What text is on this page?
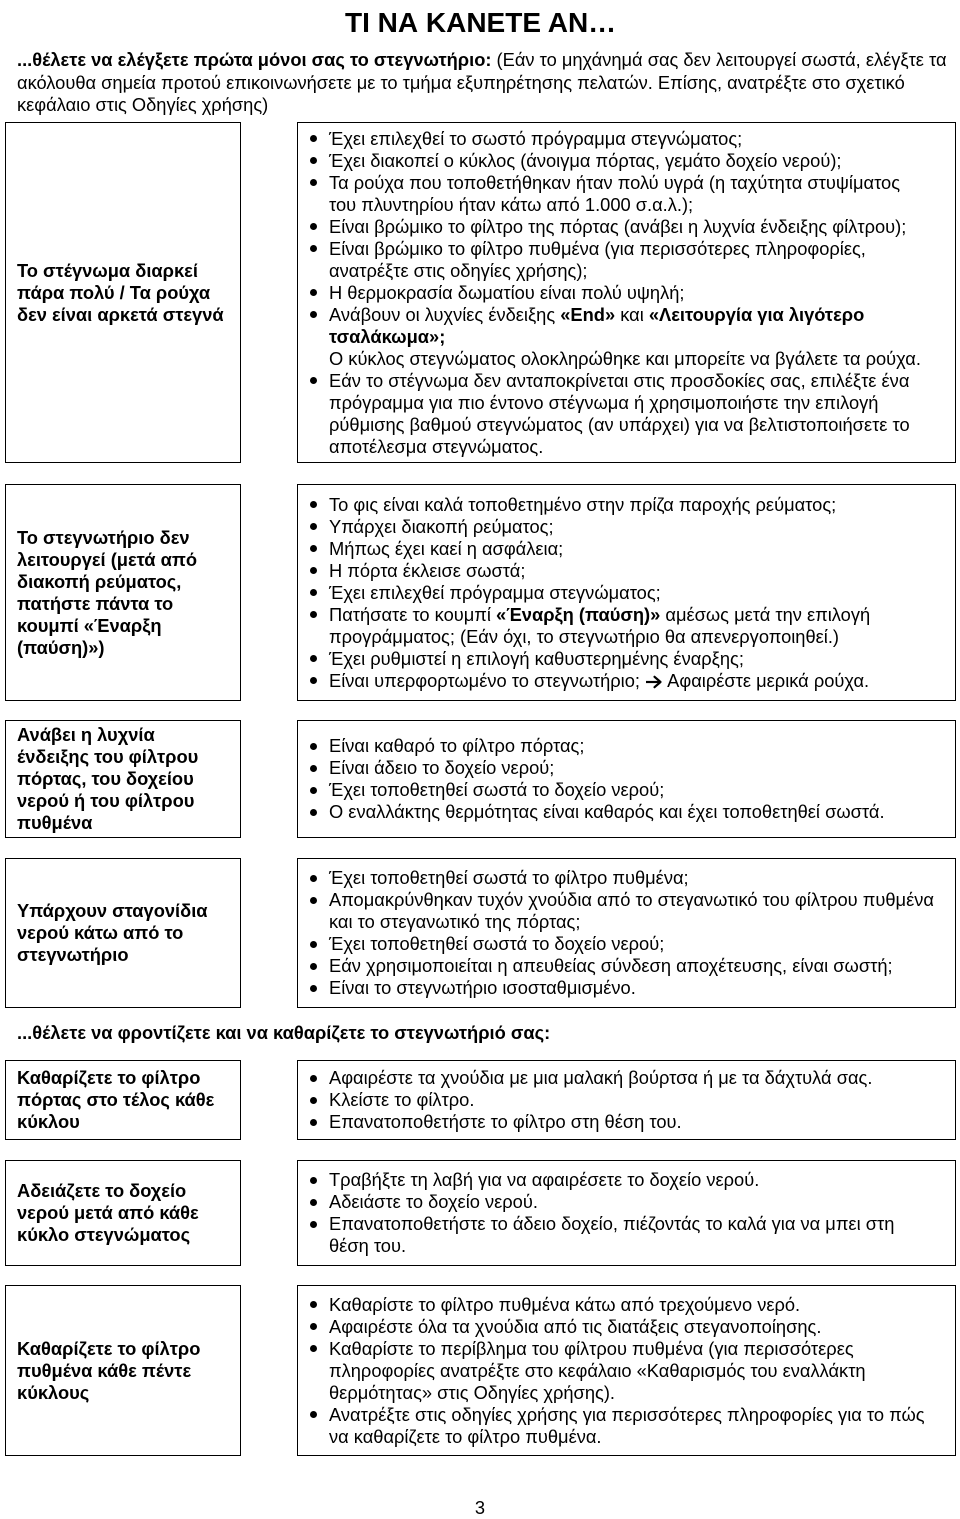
ΤΙ ΝΑ ΚΑΝΕΤΕ ΑΝ…
...θέλετε να ελέγξετε πρώτα μόνοι σας το στεγνωτήριο: (Εάν το μηχάνημά σας δεν λειτουργεί σωστά, ελέγξτε τα
ακόλουθα σημεία προτού επικοινωνήσετε με το τμήμα εξυπηρέτησης πελατών. Επίσης, ανατρέξτε στο σχετικό
κεφάλαιο στις Οδηγίες χρήσης)
Το στέγνωμα διαρκεί
πάρα πολύ / Τα ρούχα
δεν είναι αρκετά στεγνά
Έχει επιλεχθεί το σωστό πρόγραμμα στεγνώματος;
Έχει διακοπεί ο κύκλος (άνοιγμα πόρτας, γεμάτο δοχείο νερού);
Τα ρούχα που τοποθετήθηκαν ήταν πολύ υγρά (η ταχύτητα στυψίματος
του πλυντηρίου ήταν κάτω από 1.000 σ.α.λ.);
Είναι βρώμικο το φίλτρο της πόρτας (ανάβει η λυχνία ένδειξης φίλτρου);
Είναι βρώμικο το φίλτρο πυθμένα (για περισσότερες πληροφορίες,
ανατρέξτε στις οδηγίες χρήσης);
Η θερμοκρασία δωματίου είναι πολύ υψηλή;
Ανάβουν οι λυχνίες ένδειξης «End» και «Λειτουργία για λιγότερο
τσαλάκωμα»;
Ο κύκλος στεγνώματος ολοκληρώθηκε και μπορείτε να βγάλετε τα ρούχα.
Εάν το στέγνωμα δεν ανταποκρίνεται στις προσδοκίες σας, επιλέξτε ένα
πρόγραμμα για πιο έντονο στέγνωμα ή χρησιμοποιήστε την επιλογή
ρύθμισης βαθμού στεγνώματος (αν υπάρχει) για να βελτιστοποιήσετε το
αποτέλεσμα στεγνώματος.
Το στεγνωτήριο δεν
λειτουργεί (μετά από
διακοπή ρεύματος,
πατήστε πάντα το
κουμπί «Έναρξη
(παύση)»)
Το φις είναι καλά τοποθετημένο στην πρίζα παροχής ρεύματος;
Υπάρχει διακοπή ρεύματος;
Μήπως έχει καεί η ασφάλεια;
Η πόρτα έκλεισε σωστά;
Έχει επιλεχθεί πρόγραμμα στεγνώματος;
Πατήσατε το κουμπί «Έναρξη (παύση)» αμέσως μετά την επιλογή
προγράμματος; (Εάν όχι, το στεγνωτήριο θα απενεργοποιηθεί.)
Έχει ρυθμιστεί η επιλογή καθυστερημένης έναρξης;
Είναι υπερφορτωμένο το στεγνωτήριο;  Αφαιρέστε μερικά ρούχα.
Ανάβει η λυχνία
ένδειξης του φίλτρου
πόρτας, του δοχείου
νερού ή του φίλτρου
πυθμένα
Είναι καθαρό το φίλτρο πόρτας;
Είναι άδειο το δοχείο νερού;
Έχει τοποθετηθεί σωστά το δοχείο νερού;
Ο εναλλάκτης θερμότητας είναι καθαρός και έχει τοποθετηθεί σωστά.
Υπάρχουν σταγονίδια
νερού κάτω από το
στεγνωτήριο
Έχει τοποθετηθεί σωστά το φίλτρο πυθμένα;
Απομακρύνθηκαν τυχόν χνούδια από το στεγανωτικό του φίλτρου πυθμένα
και το στεγανωτικό της πόρτας;
Έχει τοποθετηθεί σωστά το δοχείο νερού;
Εάν χρησιμοποιείται η απευθείας σύνδεση αποχέτευσης, είναι σωστή;
Είναι το στεγνωτήριο ισοσταθμισμένο.
...θέλετε να φροντίζετε και να καθαρίζετε το στεγνωτήριό σας:
Καθαρίζετε το φίλτρο
πόρτας στο τέλος κάθε
κύκλου
Αφαιρέστε τα χνούδια με μια μαλακή βούρτσα ή με τα δάχτυλά σας.
Κλείστε το φίλτρο.
Επανατοποθετήστε το φίλτρο στη θέση του.
Αδειάζετε το δοχείο
νερού μετά από κάθε
κύκλο στεγνώματος
Τραβήξτε τη λαβή για να αφαιρέσετε το δοχείο νερού.
Αδειάστε το δοχείο νερού.
Επανατοποθετήστε το άδειο δοχείο, πιέζοντάς το καλά για να μπει στη
θέση του.
Καθαρίζετε το φίλτρο
πυθμένα κάθε πέντε
κύκλους
Καθαρίστε το φίλτρο πυθμένα κάτω από τρεχούμενο νερό.
Αφαιρέστε όλα τα χνούδια από τις διατάξεις στεγανοποίησης.
Καθαρίστε το περίβλημα του φίλτρου πυθμένα (για περισσότερες
πληροφορίες ανατρέξτε στο κεφάλαιο «Καθαρισμός του εναλλάκτη
θερμότητας» στις Οδηγίες χρήσης).
Ανατρέξτε στις οδηγίες χρήσης για περισσότερες πληροφορίες για το πώς
να καθαρίζετε το φίλτρο πυθμένα.
3
